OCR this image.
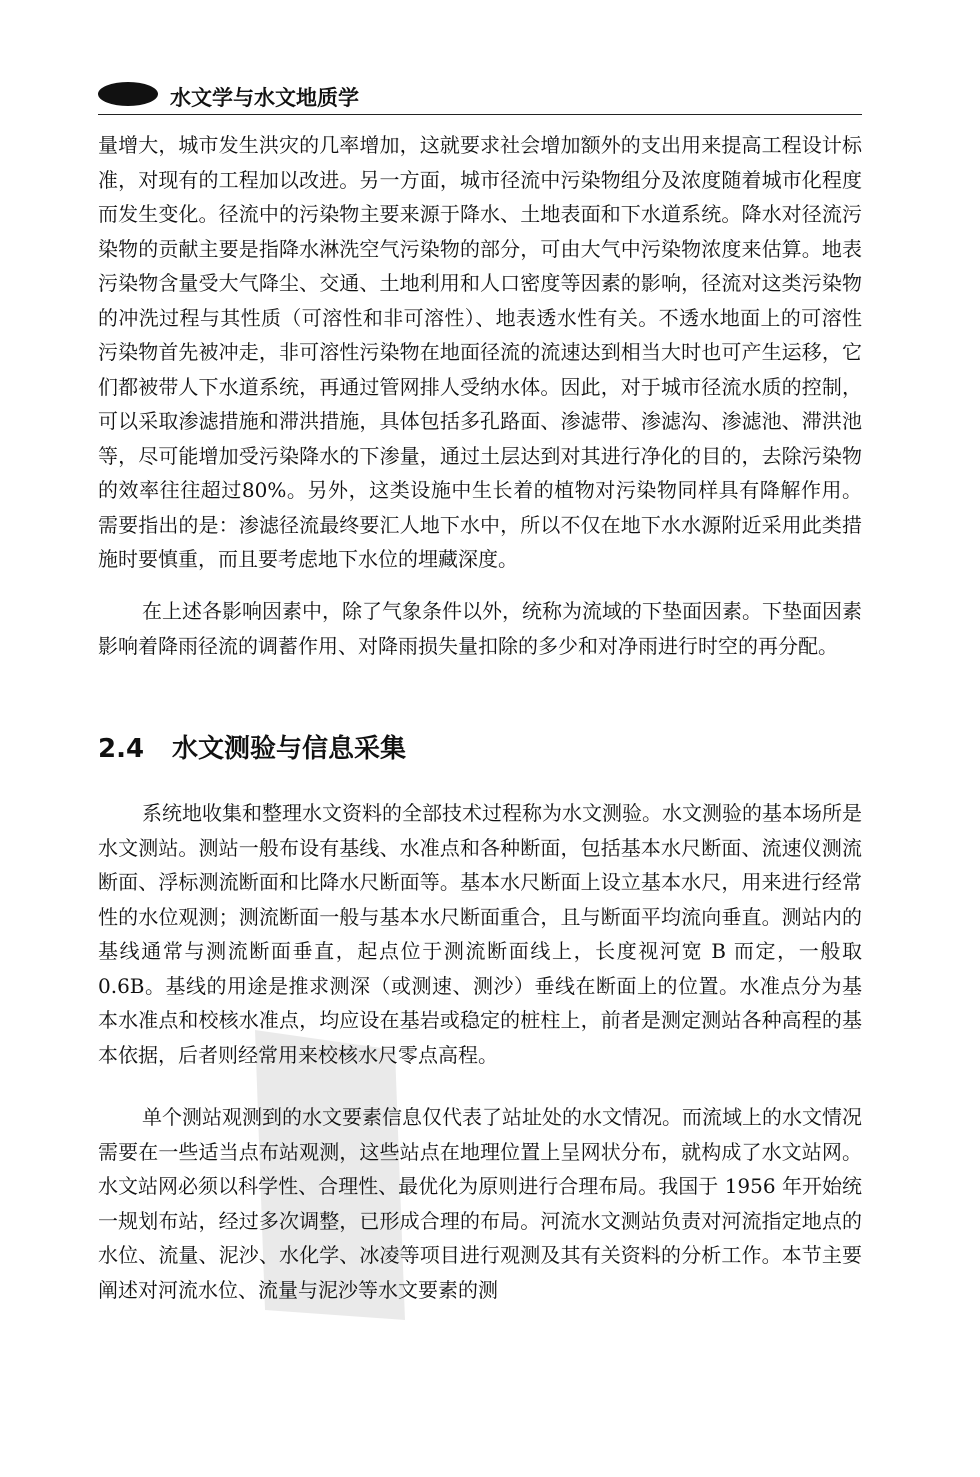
水文学与水文地质学

量增大，城市发生洪灾的几率增加，这就要求社会增加额外的支出用来提高工程设计标准，对现有的工程加以改进。另一方面，城市径流中污染物组分及浓度随着城市化程度而发生变化。径流中的污染物主要来源于降水、土地表面和下水道系统。降水对径流污染物的贡献主要是指降水淋洗空气污染物的部分，可由大气中污染物浓度来估算。地表污染物含量受大气降尘、交通、土地利用和人口密度等因素的影响，径流对这类污染物的冲洗过程与其性质（可溶性和非可溶性）、地表透水性有关。不透水地面上的可溶性污染物首先被冲走，非可溶性污染物在地面径流的流速达到相当大时也可产生运移，它们都被带人下水道系统，再通过管网排人受纳水体。因此，对于城市径流水质的控制，可以采取渗滤措施和滞洪措施，具体包括多孔路面、渗滤带、渗滤沟、渗滤池、滞洪池等，尽可能增加受污染降水的下渗量，通过土层达到对其进行净化的目的，去除污染物的效率往往超过80%。另外，这类设施中生长着的植物对污染物同样具有降解作用。需要指出的是：渗滤径流最终要汇人地下水中，所以不仅在地下水水源附近采用此类措施时要慎重，而且要考虑地下水位的埋藏深度。

在上述各影响因素中，除了气象条件以外，统称为流域的下垫面因素。下垫面因素影响着降雨径流的调蓄作用、对降雨损失量扣除的多少和对净雨进行时空的再分配。

2.4 水文测验与信息采集

系统地收集和整理水文资料的全部技术过程称为水文测验。水文测验的基本场所是水文测站。测站一般布设有基线、水准点和各种断面，包括基本水尺断面、流速仪测流断面、浮标测流断面和比降水尺断面等。基本水尺断面上设立基本水尺，用来进行经常性的水位观测；测流断面一般与基本水尺断面重合，且与断面平均流向垂直。测站内的基线通常与测流断面垂直，起点位于测流断面线上，长度视河宽 B 而定，一般取 0.6B。基线的用途是推求测深（或测速、测沙）垂线在断面上的位置。水准点分为基本水准点和校核水准点，均应设在基岩或稳定的桩柱上，前者是测定测站各种高程的基本依据，后者则经常用来校核水尺零点高程。

单个测站观测到的水文要素信息仅代表了站址处的水文情况。而流域上的水文情况需要在一些适当点布站观测，这些站点在地理位置上呈网状分布，就构成了水文站网。水文站网必须以科学性、合理性、最优化为原则进行合理布局。我国于 1956 年开始统一规划布站，经过多次调整，已形成合理的布局。河流水文测站负责对河流指定地点的水位、流量、泥沙、水化学、冰凌等项目进行观测及其有关资料的分析工作。本节主要阐述对河流水位、流量与泥沙等水文要素的测
